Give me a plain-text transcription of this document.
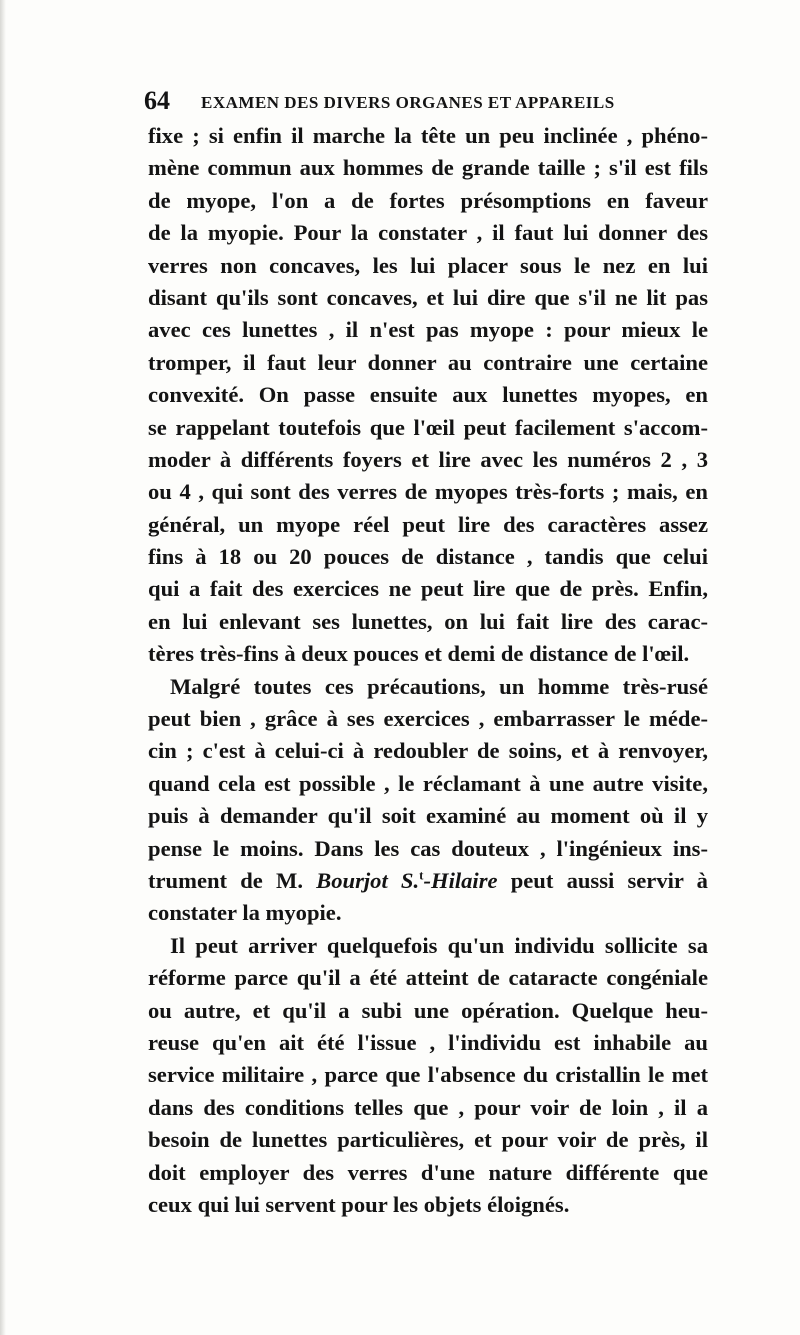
64 EXAMEN DES DIVERS ORGANES ET APPAREILS
fixe ; si enfin il marche la tête un peu inclinée , phéno-
mène commun aux hommes de grande taille ; s'il est fils
de myope, l'on a de fortes présomptions en faveur
de la myopie. Pour la constater , il faut lui donner des
verres non concaves, les lui placer sous le nez en lui
disant qu'ils sont concaves, et lui dire que s'il ne lit pas
avec ces lunettes , il n'est pas myope : pour mieux le
tromper, il faut leur donner au contraire une certaine
convexité. On passe ensuite aux lunettes myopes, en
se rappelant toutefois que l'œil peut facilement s'accom-
moder à différents foyers et lire avec les numéros 2 , 3
ou 4 , qui sont des verres de myopes très-forts ; mais, en
général, un myope réel peut lire des caractères assez
fins à 18 ou 20 pouces de distance , tandis que celui
qui a fait des exercices ne peut lire que de près. Enfin,
en lui enlevant ses lunettes, on lui fait lire des carac-
tères très-fins à deux pouces et demi de distance de l'œil.
Malgré toutes ces précautions, un homme très-rusé
peut bien , grâce à ses exercices , embarrasser le méde-
cin ; c'est à celui-ci à redoubler de soins, et à renvoyer,
quand cela est possible , le réclamant à une autre visite,
puis à demander qu'il soit examiné au moment où il y
pense le moins. Dans les cas douteux , l'ingénieux ins-
trument de M. Bourjot S.$^t$-Hilaire peut aussi servir à
constater la myopie.
Il peut arriver quelquefois qu'un individu sollicite sa
réforme parce qu'il a été atteint de cataracte congéniale
ou autre, et qu'il a subi une opération. Quelque heu-
reuse qu'en ait été l'issue , l'individu est inhabile au
service militaire , parce que l'absence du cristallin le met
dans des conditions telles que , pour voir de loin , il a
besoin de lunettes particulières, et pour voir de près, il
doit employer des verres d'une nature différente que
ceux qui lui servent pour les objets éloignés.
